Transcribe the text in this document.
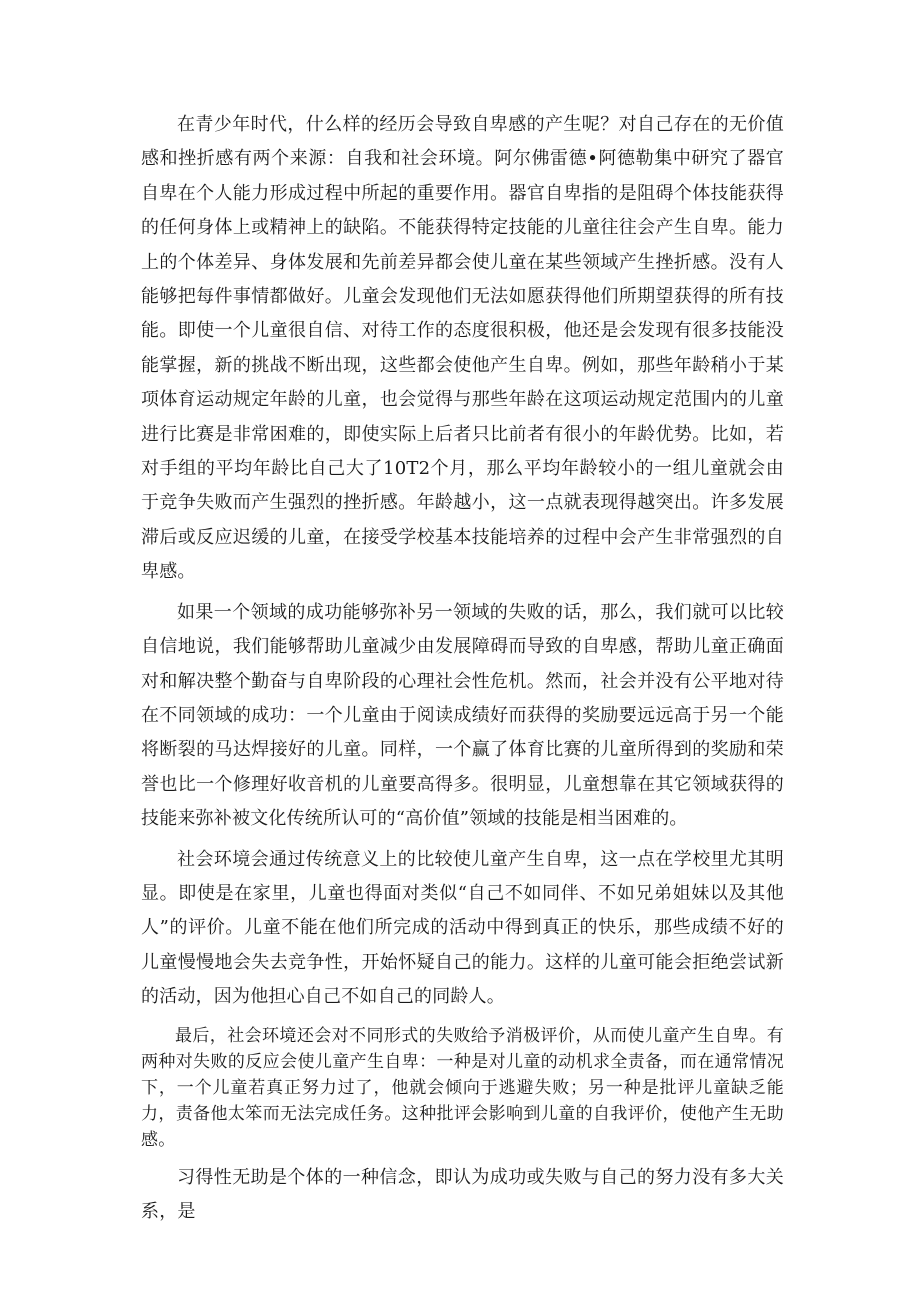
在青少年时代，什么样的经历会导致自卑感的产生呢？对自己存在的无价值感和挫折感有两个来源：自我和社会环境。阿尔佛雷德•阿德勒集中研究了器官自卑在个人能力形成过程中所起的重要作用。器官自卑指的是阻碍个体技能获得的任何身体上或精神上的缺陷。不能获得特定技能的儿童往往会产生自卑。能力上的个体差异、身体发展和先前差异都会使儿童在某些领域产生挫折感。没有人能够把每件事情都做好。儿童会发现他们无法如愿获得他们所期望获得的所有技能。即使一个儿童很自信、对待工作的态度很积极，他还是会发现有很多技能没能掌握，新的挑战不断出现，这些都会使他产生自卑。例如，那些年龄稍小于某项体育运动规定年龄的儿童，也会觉得与那些年龄在这项运动规定范围内的儿童进行比赛是非常困难的，即使实际上后者只比前者有很小的年龄优势。比如，若对手组的平均年龄比自己大了10T2个月，那么平均年龄较小的一组儿童就会由于竞争失败而产生强烈的挫折感。年龄越小，这一点就表现得越突出。许多发展滞后或反应迟缓的儿童，在接受学校基本技能培养的过程中会产生非常强烈的自卑感。

如果一个领域的成功能够弥补另一领域的失败的话，那么，我们就可以比较自信地说，我们能够帮助儿童减少由发展障碍而导致的自卑感，帮助儿童正确面对和解决整个勤奋与自卑阶段的心理社会性危机。然而，社会并没有公平地对待在不同领域的成功：一个儿童由于阅读成绩好而获得的奖励要远远高于另一个能将断裂的马达焊接好的儿童。同样，一个赢了体育比赛的儿童所得到的奖励和荣誉也比一个修理好收音机的儿童要高得多。很明显，儿童想靠在其它领域获得的技能来弥补被文化传统所认可的“高价值”领域的技能是相当困难的。

社会环境会通过传统意义上的比较使儿童产生自卑，这一点在学校里尤其明显。即使是在家里，儿童也得面对类似“自己不如同伴、不如兄弟姐妹以及其他人”的评价。儿童不能在他们所完成的活动中得到真正的快乐，那些成绩不好的儿童慢慢地会失去竞争性，开始怀疑自己的能力。这样的儿童可能会拒绝尝试新的活动，因为他担心自己不如自己的同龄人。

最后，社会环境还会对不同形式的失败给予消极评价，从而使儿童产生自卑。有两种对失败的反应会使儿童产生自卑：一种是对儿童的动机求全责备，而在通常情况下，一个儿童若真正努力过了，他就会倾向于逃避失败；另一种是批评儿童缺乏能力，责备他太笨而无法完成任务。这种批评会影响到儿童的自我评价，使他产生无助感。

习得性无助是个体的一种信念，即认为成功或失败与自己的努力没有多大关系，是
